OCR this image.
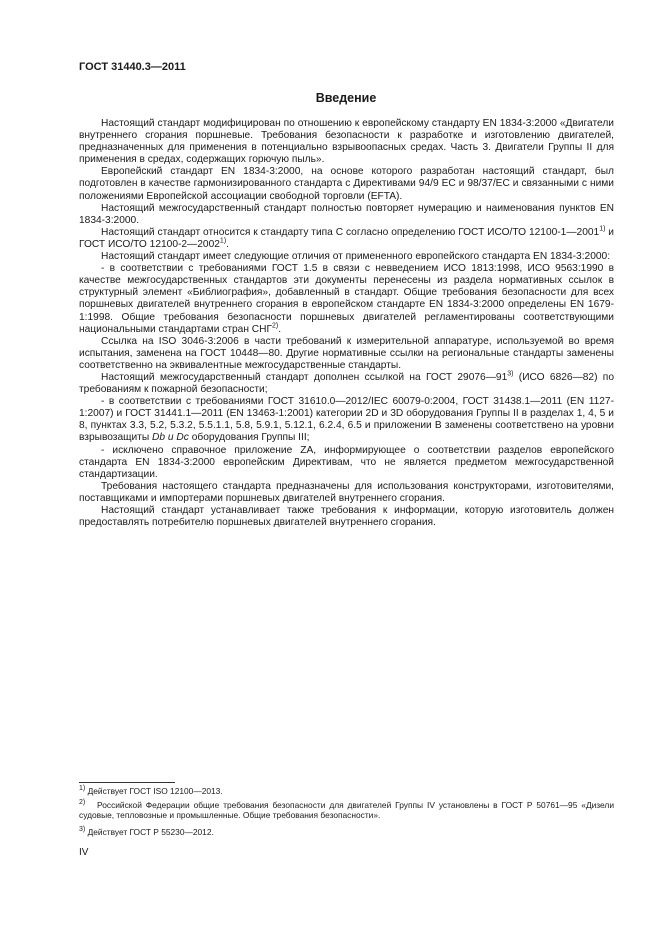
ГОСТ 31440.3—2011
Введение

Настоящий стандарт модифицирован по отношению к европейскому стандарту EN 1834-3:2000 «Двигатели внутреннего сгорания поршневые. Требования безопасности к разработке и изготовлению двигателей, предназначенных для применения в потенциально взрывоопасных средах. Часть 3. Двигатели Группы II для применения в средах, содержащих горючую пыль».

Европейский стандарт EN 1834-3:2000, на основе которого разработан настоящий стандарт, был подготовлен в качестве гармонизированного стандарта с Директивами 94/9 ЕС и 98/37/ЕС и связанными с ними положениями Европейской ассоциации свободной торговли (EFTA).

Настоящий межгосударственный стандарт полностью повторяет нумерацию и наименования пунктов EN 1834-3:2000.

Настоящий стандарт относится к стандарту типа С согласно определению ГОСТ ИСО/ТО 12100-1—2001$^{1)}$ и ГОСТ ИСО/ТО 12100-2—2002$^{1)}$.

Настоящий стандарт имеет следующие отличия от примененного европейского стандарта EN 1834-3:2000:

- в соответствии с требованиями ГОСТ 1.5 в связи с невведением ИСО 1813:1998, ИСО 9563:1990 в качестве межгосударственных стандартов эти документы перенесены из раздела нормативных ссылок в структурный элемент «Библиография», добавленный в стандарт. Общие требования безопасности для всех поршневых двигателей внутреннего сгорания в европейском стандарте EN 1834-3:2000 определены EN 1679-1:1998. Общие требования безопасности поршневых двигателей регламентированы соответствующими национальными стандартами стран СНГ$^{2)}$.

Ссылка на ISO 3046-3:2006 в части требований к измерительной аппаратуре, используемой во время испытания, заменена на ГОСТ 10448—80. Другие нормативные ссылки на региональные стандарты заменены соответственно на эквивалентные межгосударственные стандарты.

Настоящий межгосударственный стандарт дополнен ссылкой на ГОСТ 29076—91$^{3)}$ (ИСО 6826—82) по требованиям к пожарной безопасности;

- в соответствии с требованиями ГОСТ 31610.0—2012/IEC 60079-0:2004, ГОСТ 31438.1—2011 (EN 1127-1:2007) и ГОСТ 31441.1—2011 (EN 13463-1:2001) категории 2D и 3D оборудования Группы II в разделах 1, 4, 5 и 8, пунктах 3.3, 5.2, 5.3.2, 5.5.1.1, 5.8, 5.9.1, 5.12.1, 6.2.4, 6.5 и приложении В заменены соответствено на уровни взрывозащиты Db и Dc оборудования Группы III;

- исключено справочное приложение ZA, информирующее о соответствии разделов европейского стандарта EN 1834-3:2000 европейским Директивам, что не является предметом межгосударственной стандартизации.

Требования настоящего стандарта предназначены для использования конструкторами, изготовителями, поставщиками и импортерами поршневых двигателей внутреннего сгорания.

Настоящий стандарт устанавливает также требования к информации, которую изготовитель должен предоставлять потребителю поршневых двигателей внутреннего сгорания.

$^{1)}$ Действует ГОСТ ISO 12100—2013.
$^{2)}$ Российской Федерации общие требования безопасности для двигателей Группы IV установлены в ГОСТ Р 50761—95 «Дизели судовые, тепловозные и промышленные. Общие требования безопасности».
$^{3)}$ Действует ГОСТ Р 55230—2012.
IV
